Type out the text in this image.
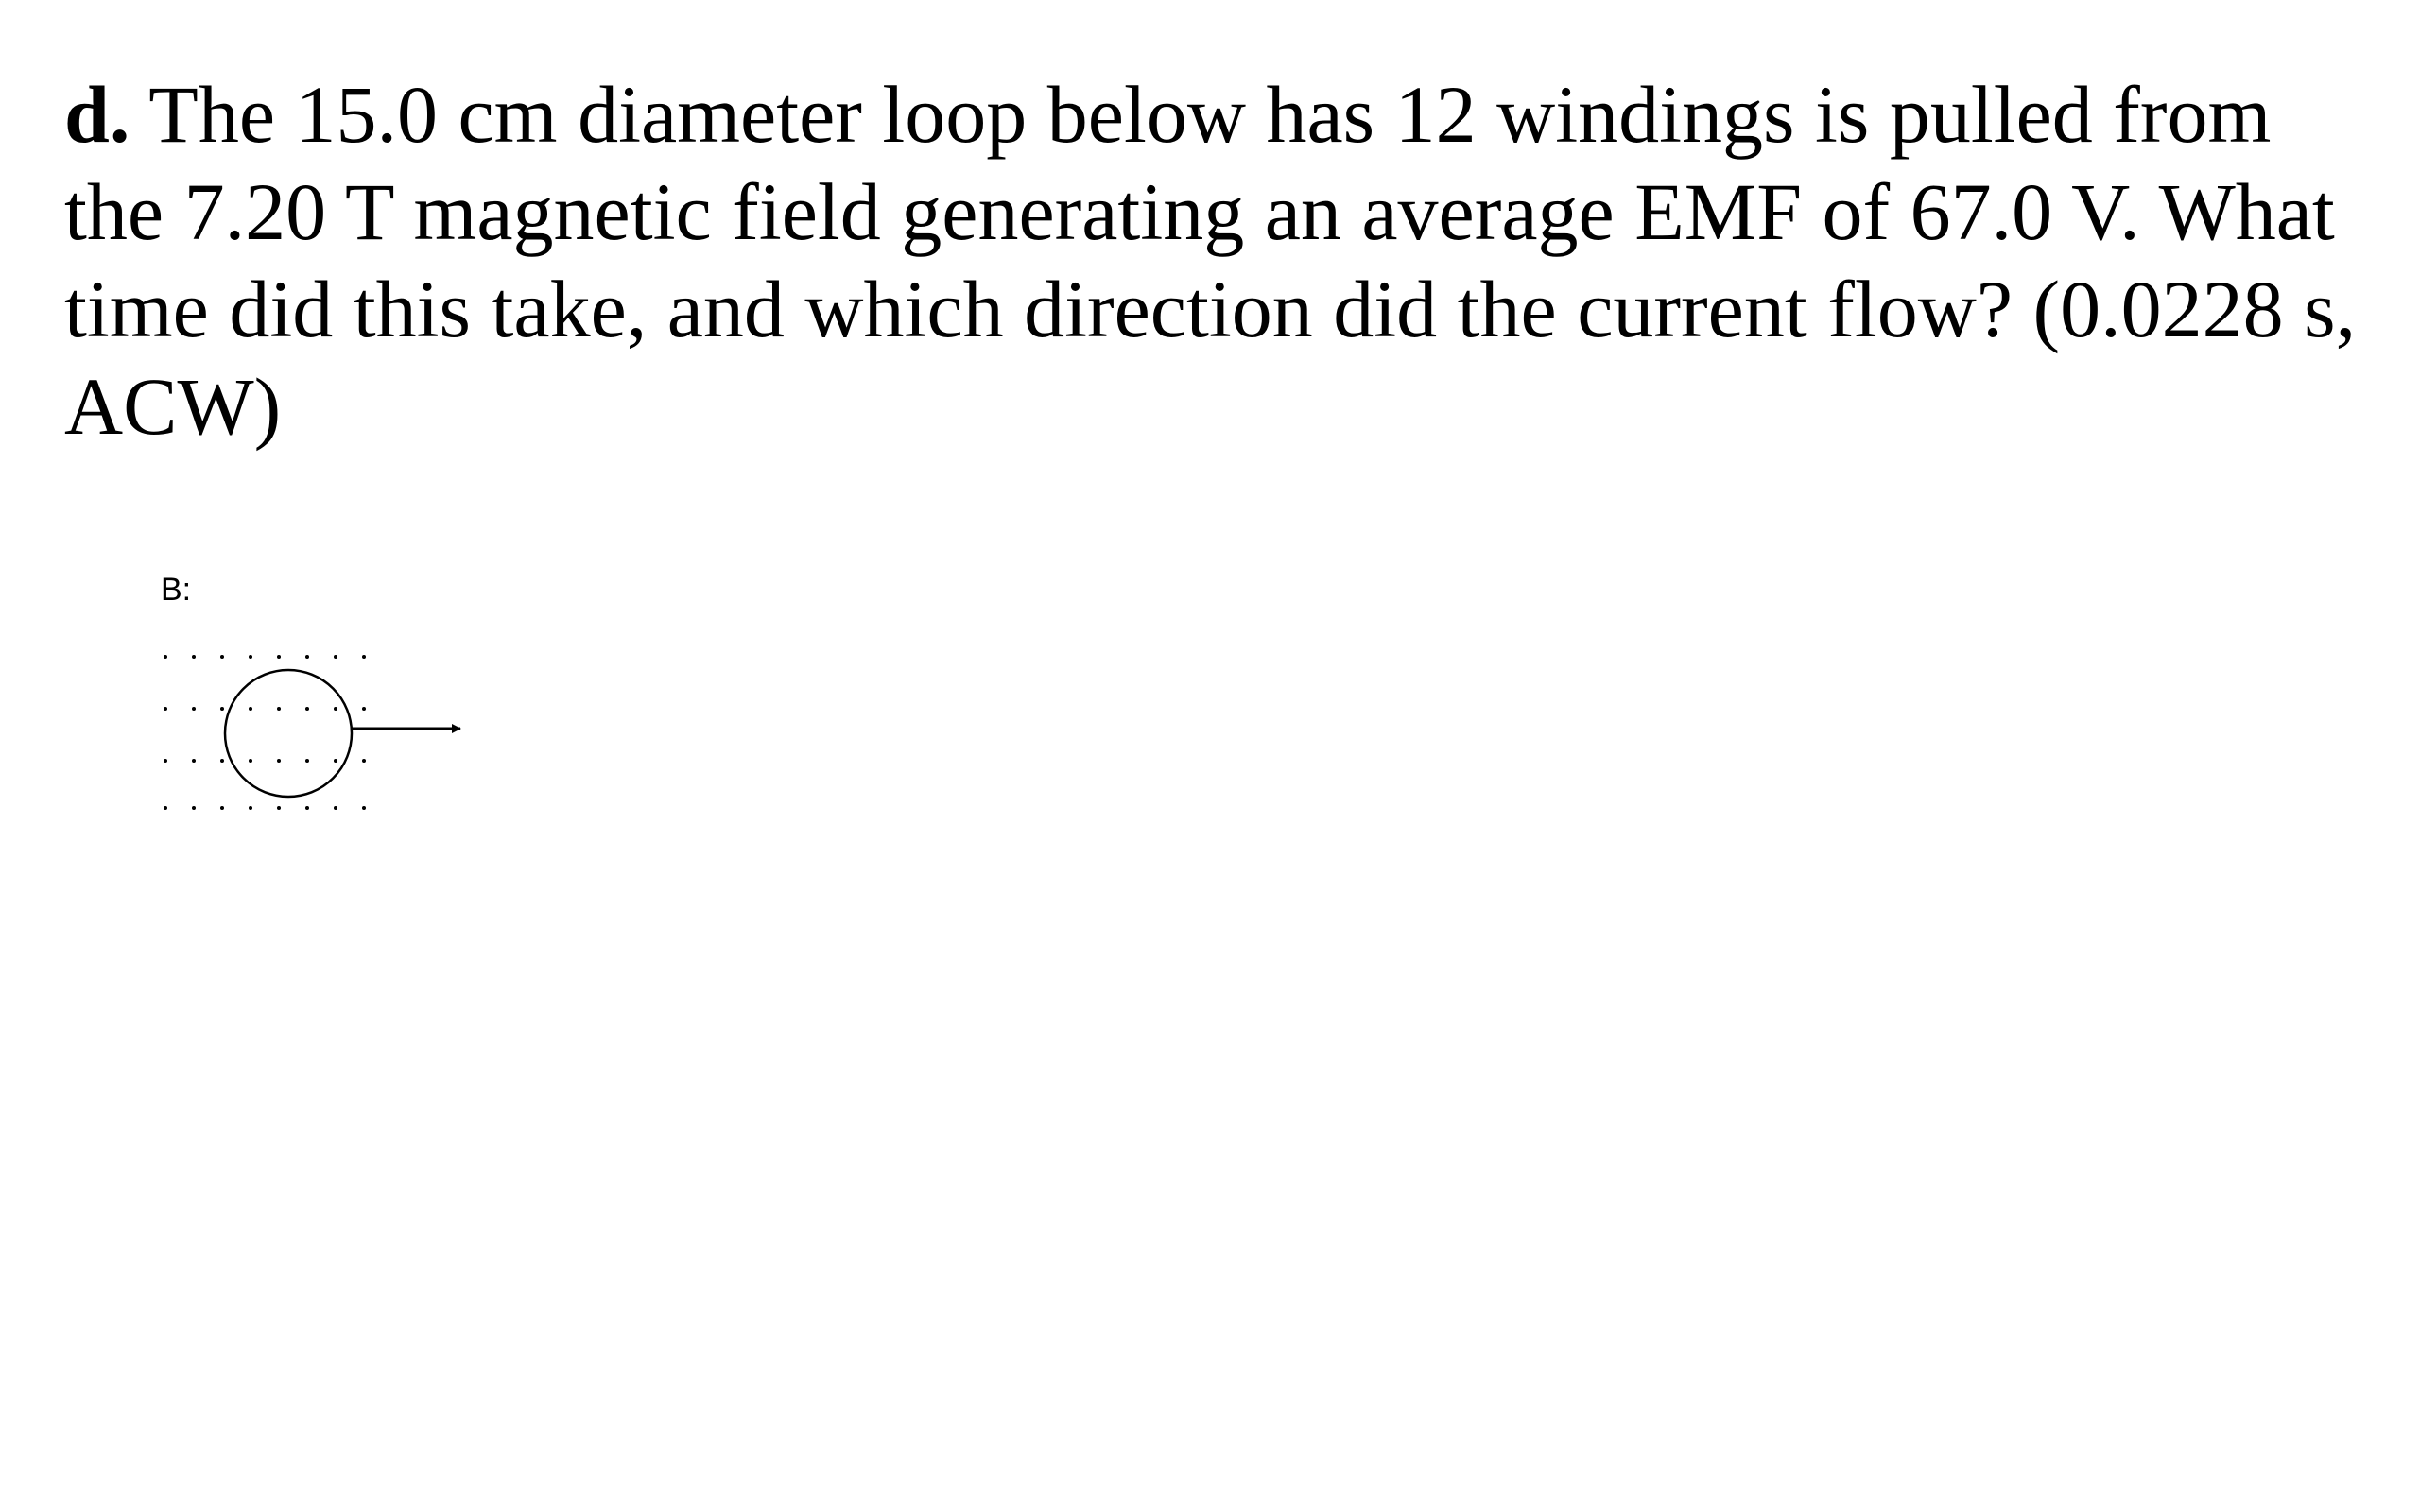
d. The 15.0 cm diameter loop below has 12 windings is pulled from the 7.20 T magnetic field generating an average EMF of 67.0 V. What time did this take, and which direction did the current flow? (0.0228 s, ACW)

B:
